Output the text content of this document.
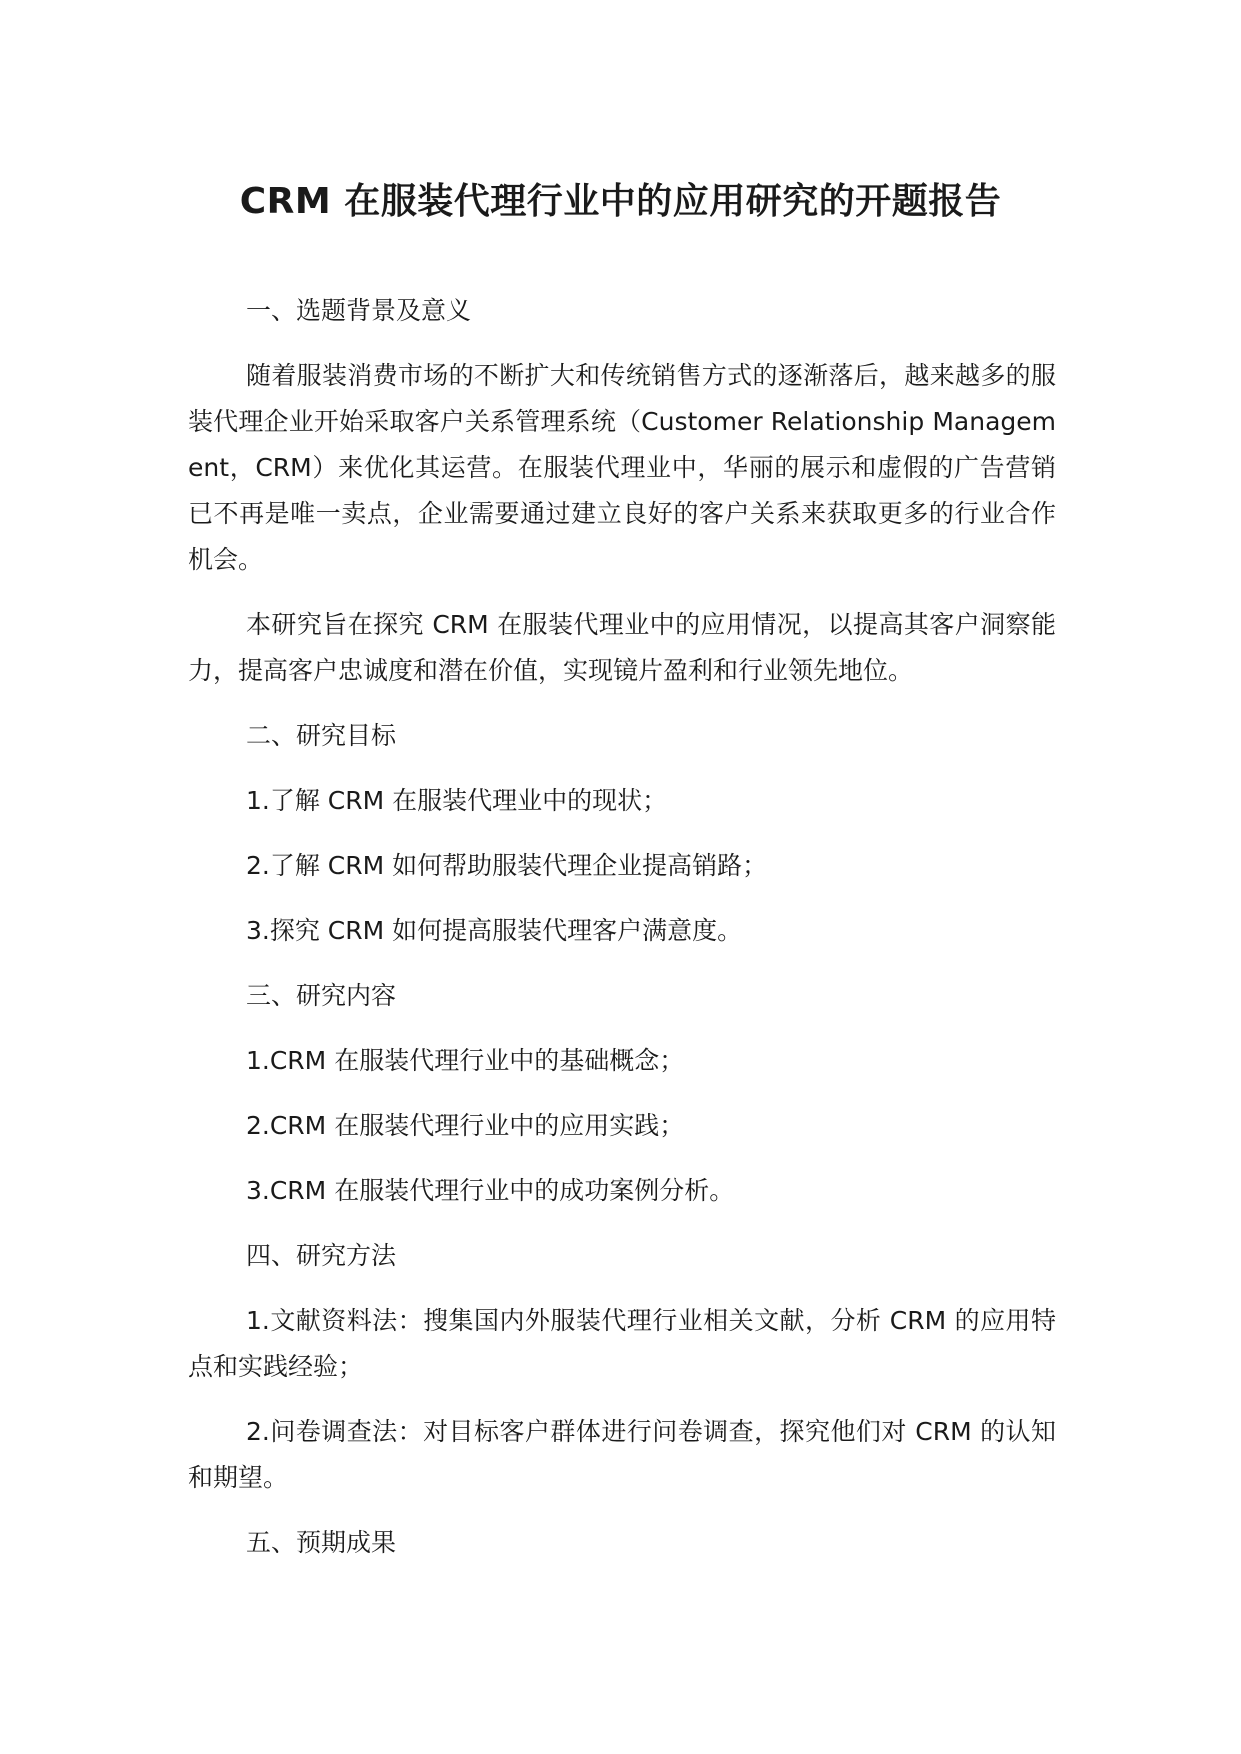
CRM 在服装代理行业中的应用研究的开题报告

一、选题背景及意义

随着服装消费市场的不断扩大和传统销售方式的逐渐落后，越来越多的服装代理企业开始采取客户关系管理系统（Customer Relationship Management，CRM）来优化其运营。在服装代理业中，华丽的展示和虚假的广告营销已不再是唯一卖点，企业需要通过建立良好的客户关系来获取更多的行业合作机会。

本研究旨在探究 CRM 在服装代理业中的应用情况，以提高其客户洞察能力，提高客户忠诚度和潜在价值，实现镜片盈利和行业领先地位。

二、研究目标

1.了解 CRM 在服装代理业中的现状；

2.了解 CRM 如何帮助服装代理企业提高销路；

3.探究 CRM 如何提高服装代理客户满意度。

三、研究内容

1.CRM 在服装代理行业中的基础概念；

2.CRM 在服装代理行业中的应用实践；

3.CRM 在服装代理行业中的成功案例分析。

四、研究方法

1.文献资料法：搜集国内外服装代理行业相关文献，分析 CRM 的应用特点和实践经验；

2.问卷调查法：对目标客户群体进行问卷调查，探究他们对 CRM 的认知和期望。

五、预期成果
